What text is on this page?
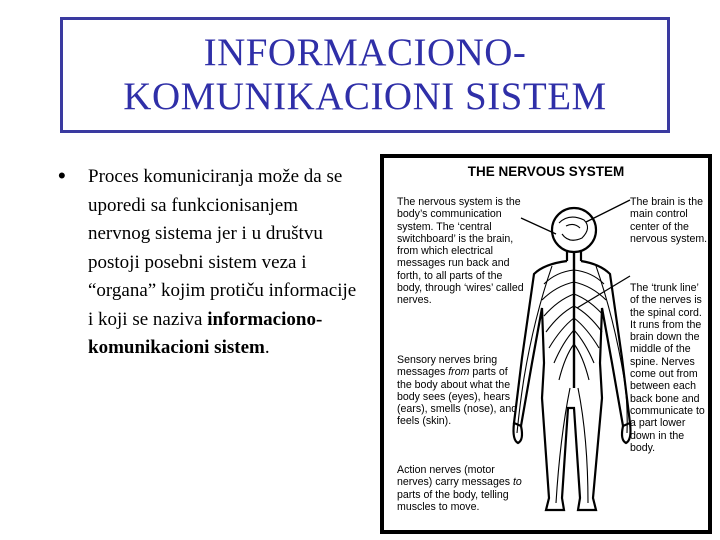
INFORMACIONO-
KOMUNIKACIONI SISTEM
• Proces komuniciranja može da se uporedi sa funkcionisanjem nervnog sistema jer i u društvu postoji posebni sistem veza i “organa” kojim protiču informacije i koji se naziva informaciono-komunikacioni sistem.
THE NERVOUS SYSTEM
The nervous system is the body’s communication system. The ‘central switchboard’ is the brain, from which electrical messages run back and forth, to all parts of the body, through ‘wires’ called nerves.
Sensory nerves bring messages from parts of the body about what the body sees (eyes), hears (ears), smells (nose), and feels (skin).
Action nerves (motor nerves) carry messages to parts of the body, telling muscles to move.
The brain is the main control center of the nervous system.
The ‘trunk line’ of the nerves is the spinal cord. It runs from the brain down the middle of the spine. Nerves come out from between each back bone and communicate to a part lower down in the body.
